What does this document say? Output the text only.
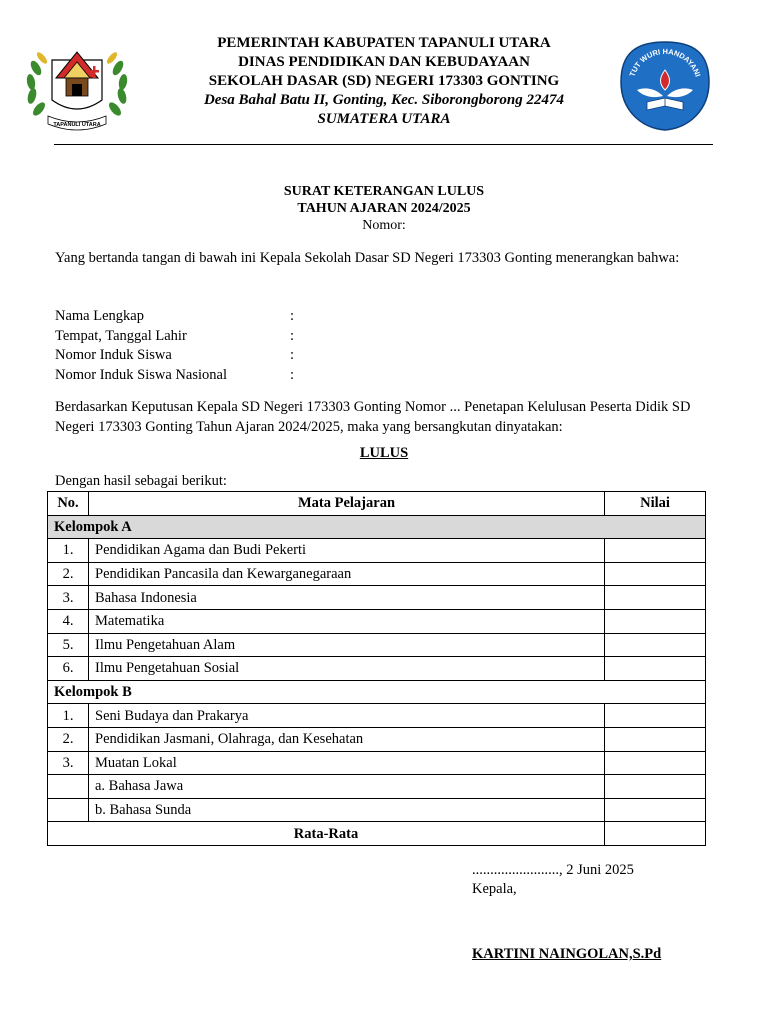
TAPANULI UTARA
PEMERINTAH KABUPATEN TAPANULI UTARA
DINAS PENDIDIKAN DAN KEBUDAYAAN
SEKOLAH DASAR (SD) NEGERI 173303 GONTING
Desa Bahal Batu II, Gonting, Kec. Siborongborong 22474
SUMATERA UTARA
TUT WURI HANDAYANI
SURAT KETERANGAN LULUS
TAHUN AJARAN 2024/2025
Nomor:
Yang bertanda tangan di bawah ini Kepala Sekolah Dasar SD Negeri 173303 Gonting menerangkan bahwa:
Nama Lengkap	:
Tempat, Tanggal Lahir	:
Nomor Induk Siswa	:
Nomor Induk Siswa Nasional	:
Berdasarkan Keputusan Kepala SD Negeri 173303 Gonting Nomor ... Penetapan Kelulusan Peserta Didik SD Negeri 173303 Gonting Tahun Ajaran 2024/2025, maka yang bersangkutan dinyatakan:
LULUS
Dengan hasil sebagai berikut:
No.	Mata Pelajaran	Nilai
Kelompok A		
1.	Pendidikan Agama dan Budi Pekerti	
2.	Pendidikan Pancasila dan Kewarganegaraan	
3.	Bahasa Indonesia	
4.	Matematika	
5.	Ilmu Pengetahuan Alam	
6.	Ilmu Pengetahuan Sosial	
Kelompok B		
1.	Seni Budaya dan Prakarya	
2.	Pendidikan Jasmani, Olahraga, dan Kesehatan	
3.	Muatan Lokal	
	a. Bahasa Jawa	
	b. Bahasa Sunda	
Rata-Rata		
........................, 2 Juni 2025
Kepala,
KARTINI NAINGOLAN,S.Pd
